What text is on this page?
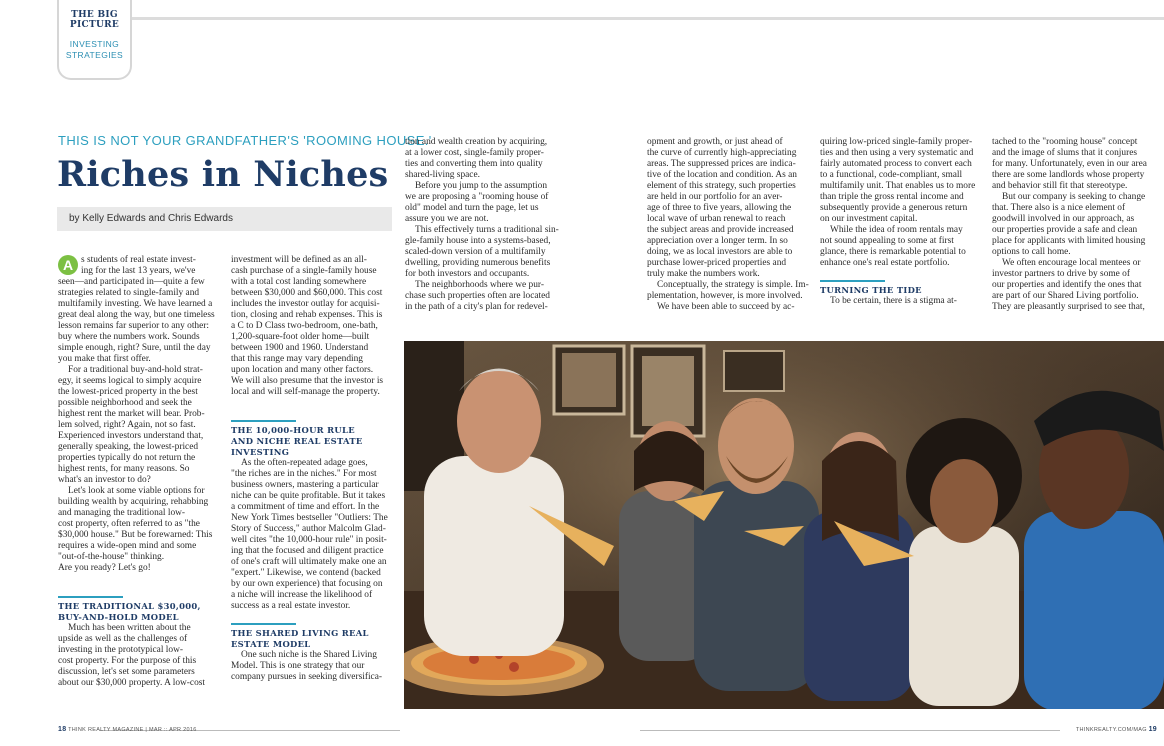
THE BIG PICTURE
INVESTING STRATEGIES
THIS IS NOT YOUR GRANDFATHER'S 'ROOMING HOUSE.'
Riches in Niches
by Kelly Edwards and Chris Edwards
A s students of real estate invest-
ing for the last 13 years, we've
seen—and participated in—quite a few
strategies related to single-family and
multifamily investing. We have learned a
great deal along the way, but one timeless
lesson remains far superior to any other:
buy where the numbers work. Sounds
simple enough, right? Sure, until the day
you make that first offer.
For a traditional buy-and-hold strat-
egy, it seems logical to simply acquire
the lowest-priced property in the best
possible neighborhood and seek the
highest rent the market will bear. Prob-
lem solved, right? Again, not so fast.
Experienced investors understand that,
generally speaking, the lowest-priced
properties typically do not return the
highest rents, for many reasons. So
what's an investor to do?
Let's look at some viable options for
building wealth by acquiring, rehabbing
and managing the traditional low-
cost property, often referred to as "the
$30,000 house." But be forewarned: This
requires a wide-open mind and some
"out-of-the-house" thinking.
Are you ready? Let's go!
THE TRADITIONAL $30,000,
BUY-AND-HOLD MODEL
Much has been written about the
upside as well as the challenges of
investing in the prototypical low-
cost property. For the purpose of this
discussion, let's set some parameters
about our $30,000 property. A low-cost
investment will be defined as an all-
cash purchase of a single-family house
with a total cost landing somewhere
between $30,000 and $60,000. This cost
includes the investor outlay for acquisi-
tion, closing and rehab expenses. This is
a C to D Class two-bedroom, one-bath,
1,200-square-foot older home—built
between 1900 and 1960. Understand
that this range may vary depending
upon location and many other factors.
We will also presume that the investor is
local and will self-manage the property.
THE 10,000-HOUR RULE
AND NICHE REAL ESTATE
INVESTING
As the often-repeated adage goes,
"the riches are in the niches." For most
business owners, mastering a particular
niche can be quite profitable. But it takes
a commitment of time and effort. In the
New York Times bestseller "Outliers: The
Story of Success," author Malcolm Glad-
well cites "the 10,000-hour rule" in posit-
ing that the focused and diligent practice
of one's craft will ultimately make one an
"expert." Likewise, we contend (backed
by our own experience) that focusing on
a niche will increase the likelihood of
success as a real estate investor.
THE SHARED LIVING REAL
ESTATE MODEL
One such niche is the Shared Living
Model. This is one strategy that our
company pursues in seeking diversifica-
tion and wealth creation by acquiring,
at a lower cost, single-family proper-
ties and converting them into quality
shared-living space.
Before you jump to the assumption
we are proposing a "rooming house of
old" model and turn the page, let us
assure you we are not.
This effectively turns a traditional sin-
gle-family house into a systems-based,
scaled-down version of a multifamily
dwelling, providing numerous benefits
for both investors and occupants.
The neighborhoods where we pur-
chase such properties often are located
in the path of a city's plan for redevel-
opment and growth, or just ahead of
the curve of currently high-appreciating
areas. The suppressed prices are indica-
tive of the location and condition. As an
element of this strategy, such properties
are held in our portfolio for an aver-
age of three to five years, allowing the
local wave of urban renewal to reach
the subject areas and provide increased
appreciation over a longer term. In so
doing, we as local investors are able to
purchase lower-priced properties and
truly make the numbers work.
Conceptually, the strategy is simple. Im-
plementation, however, is more involved.
We have been able to succeed by ac-
quiring low-priced single-family proper-
ties and then using a very systematic and
fairly automated process to convert each
to a functional, code-compliant, small
multifamily unit. That enables us to more
than triple the gross rental income and
subsequently provide a generous return
on our investment capital.
While the idea of room rentals may
not sound appealing to some at first
glance, there is remarkable potential to
enhance one's real estate portfolio.
TURNING THE TIDE
To be certain, there is a stigma at-
tached to the "rooming house" concept
and the image of slums that it conjures
for many. Unfortunately, even in our area
there are some landlords whose property
and behavior still fit that stereotype.
But our company is seeking to change
that. There also is a nice element of
goodwill involved in our approach, as
our properties provide a safe and clean
place for applicants with limited housing
options to call home.
We often encourage local mentees or
investor partners to drive by some of
our properties and identify the ones that
are part of our Shared Living portfolio.
They are pleasantly surprised to see that,
18 THINK REALTY MAGAZINE | MAR :: APR 2016	THINKREALTY.COM/MAG 19
